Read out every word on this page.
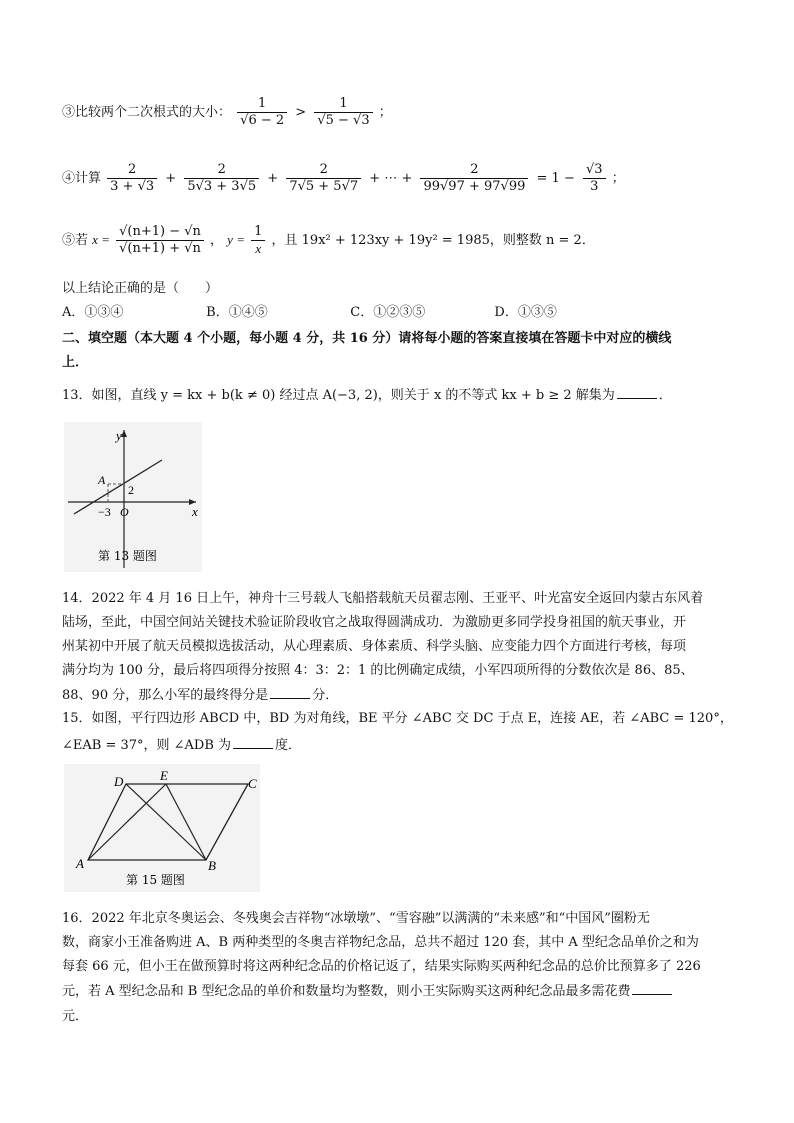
③比较两个二次根式的大小： $\frac{1}{√6 - 2} > \frac{1}{√5 - √3}$ ；
④计算 $\frac{2}{3 + √3} + \frac{2}{5√3 + 3√5} + \frac{2}{7√5 + 5√7}$ + ⋯ + $\frac{2}{99√97 + 97√99} = 1 - \frac{√3}{3}$ ；
⑤若 $x = \frac{√(n+1) - √n}{√(n+1) + √n}$ ， $y = \frac{1}{x}$ ，且 19x² + 123xy + 19y² = 1985，则整数 n = 2．
以上结论正确的是（　　）
A．①③④	B．①④⑤	C．①②③⑤	D．①③⑤
二、填空题（本大题 4 个小题，每小题 4 分，共 16 分）请将每小题的答案直接填在答题卡中对应的横线
上．
13．如图，直线 y = kx + b(k ≠ 0) 经过点 A(−3, 2)，则关于 x 的不等式 kx + b ≥ 2 解集为	．
y
x
A
2
−3 O
第 13 题图
14．2022 年 4 月 16 日上午，神舟十三号载人飞船搭载航天员翟志刚、王亚平、叶光富安全返回内蒙古东风着
陆场，至此，中国空间站关键技术验证阶段收官之战取得圆满成功．为激励更多同学投身祖国的航天事业，开
州某初中开展了航天员模拟选拔活动，从心理素质、身体素质、科学头脑、应变能力四个方面进行考核，每项
满分均为 100 分，最后将四项得分按照 4：3：2：1 的比例确定成绩，小军四项所得的分数依次是 86、85、
88、90 分，那么小军的最终得分是	分．
15．如图，平行四边形 ABCD 中，BD 为对角线，BE 平分 ∠ABC 交 DC 于点 E，连接 AE，若 ∠ABC = 120°，
∠EAB = 37°，则 ∠ADB 为	度．
D	E
C
A	B
第 15 题图
16．2022 年北京冬奥运会、冬残奥会吉祥物“冰墩墩”、“雪容融”以满满的“未来感”和“中国风”圈粉无
数，商家小王准备购进 A、B 两种类型的冬奥吉祥物纪念品，总共不超过 120 套，其中 A 型纪念品单价之和为
每套 66 元，但小王在做预算时将这两种纪念品的价格记返了，结果实际购买两种纪念品的总价比预算多了 226
元，若 A 型纪念品和 B 型纪念品的单价和数量均为整数，则小王实际购买这两种纪念品最多需花费
元．
